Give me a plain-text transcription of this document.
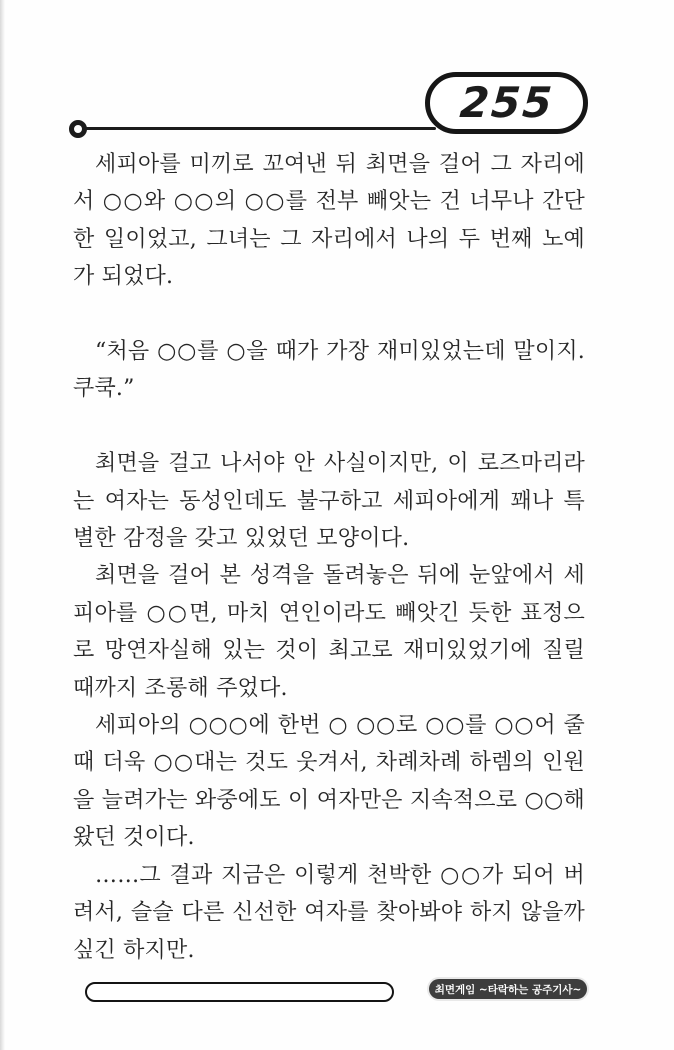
255

세피아를 미끼로 꼬여낸 뒤 최면을 걸어 그 자리에서 ○○와 ○○의 ○○를 전부 빼앗는 건 너무나 간단한 일이었고, 그녀는 그 자리에서 나의 두 번째 노예가 되었다.

“처음 ○○를 ○을 때가 가장 재미있었는데 말이지. 쿠쿡.”

최면을 걸고 나서야 안 사실이지만, 이 로즈마리라는 여자는 동성인데도 불구하고 세피아에게 꽤나 특별한 감정을 갖고 있었던 모양이다.

최면을 걸어 본 성격을 돌려놓은 뒤에 눈앞에서 세피아를 ○○면, 마치 연인이라도 빼앗긴 듯한 표정으로 망연자실해 있는 것이 최고로 재미있었기에 질릴 때까지 조롱해 주었다.

세피아의 ○○○에 한번 ○ ○○로 ○○를 ○○어 줄 때 더욱 ○○대는 것도 웃겨서, 차례차례 하렘의 인원을 늘려가는 와중에도 이 여자만은 지속적으로 ○○해 왔던 것이다.

……그 결과 지금은 이렇게 천박한 ○○가 되어 버려서, 슬슬 다른 신선한 여자를 찾아봐야 하지 않을까 싶긴 하지만.

최면게임 ~타락하는 공주기사~
